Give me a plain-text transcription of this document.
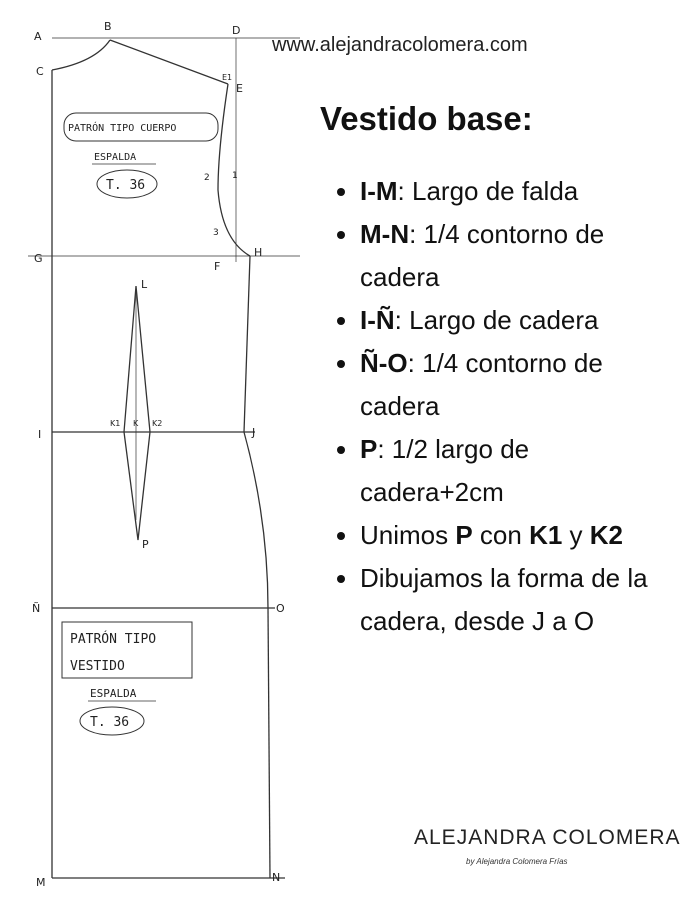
A
B	D
C	E1
E
1
2
3
G
F
H
L
I	J
K1 K K2
P
Ñ	O
M	N
PATRÓN TIPO CUERPO
ESPALDA
T. 36
PATRÓN TIPO
VESTIDO
ESPALDA
T. 36
www.alejandracolomera.com
Vestido base:
• I-M: Largo de falda
• M-N: 1/4 contorno de cadera
• I-Ñ: Largo de cadera
• Ñ-O: 1/4 contorno de cadera
• P: 1/2 largo de cadera+2cm
• Unimos P con K1 y K2
• Dibujamos la forma de la cadera, desde J a O
ALEJANDRA COLOMERA
by Alejandra Colomera Frías
